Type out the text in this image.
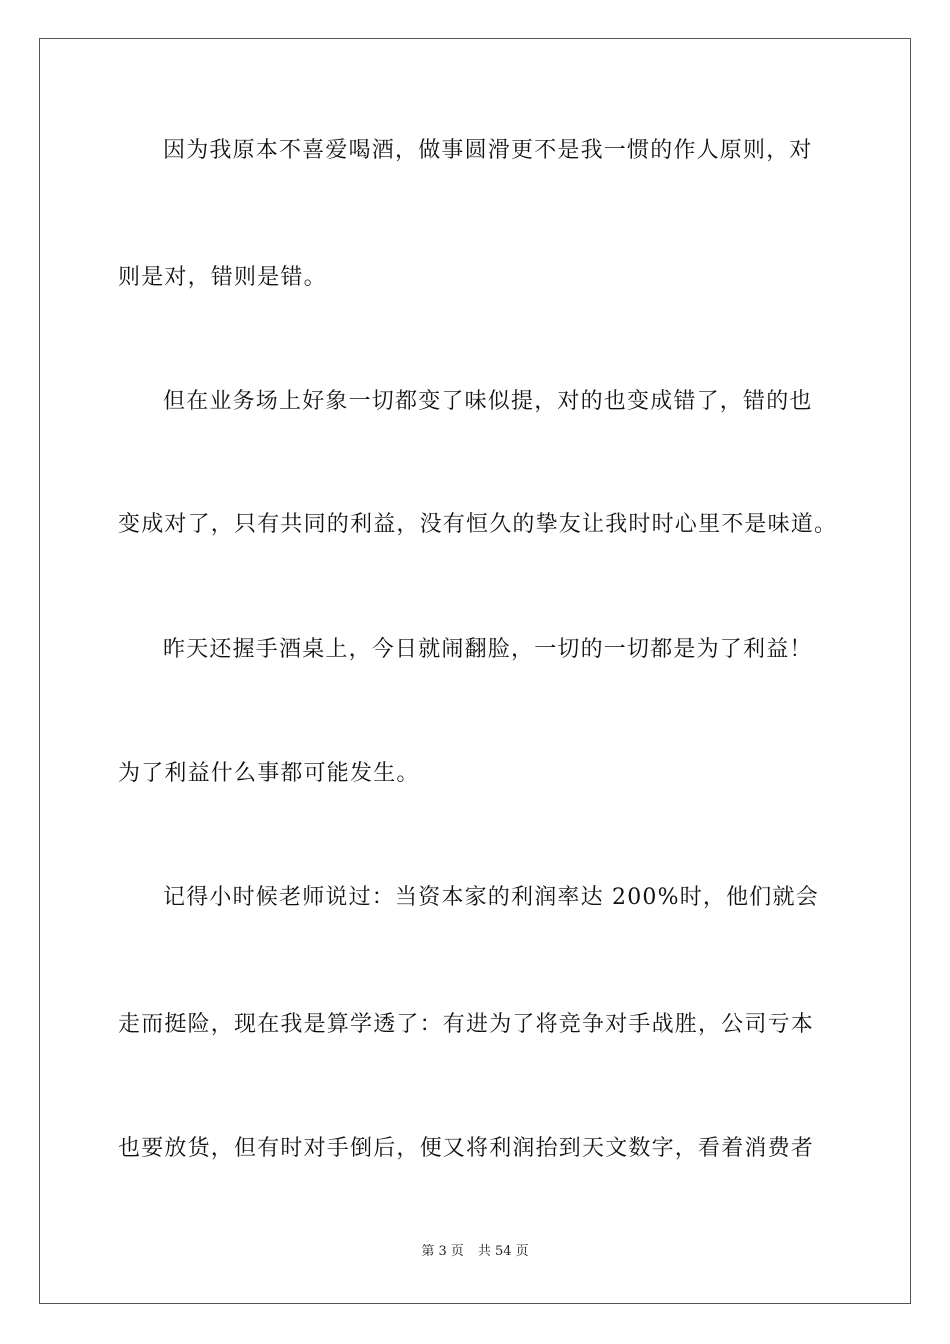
因为我原本不喜爱喝酒，做事圆滑更不是我一惯的作人原则，对
则是对，错则是错。
但在业务场上好象一切都变了味似提，对的也变成错了，错的也
变成对了，只有共同的利益，没有恒久的挚友让我时时心里不是味道。
昨天还握手酒桌上，今日就闹翻脸，一切的一切都是为了利益！
为了利益什么事都可能发生。
记得小时候老师说过：当资本家的利润率达 200%时，他们就会
走而挺险，现在我是算学透了：有进为了将竞争对手战胜，公司亏本
也要放货，但有时对手倒后，便又将利润抬到天文数字，看着消费者
第 3 页 共 54 页
